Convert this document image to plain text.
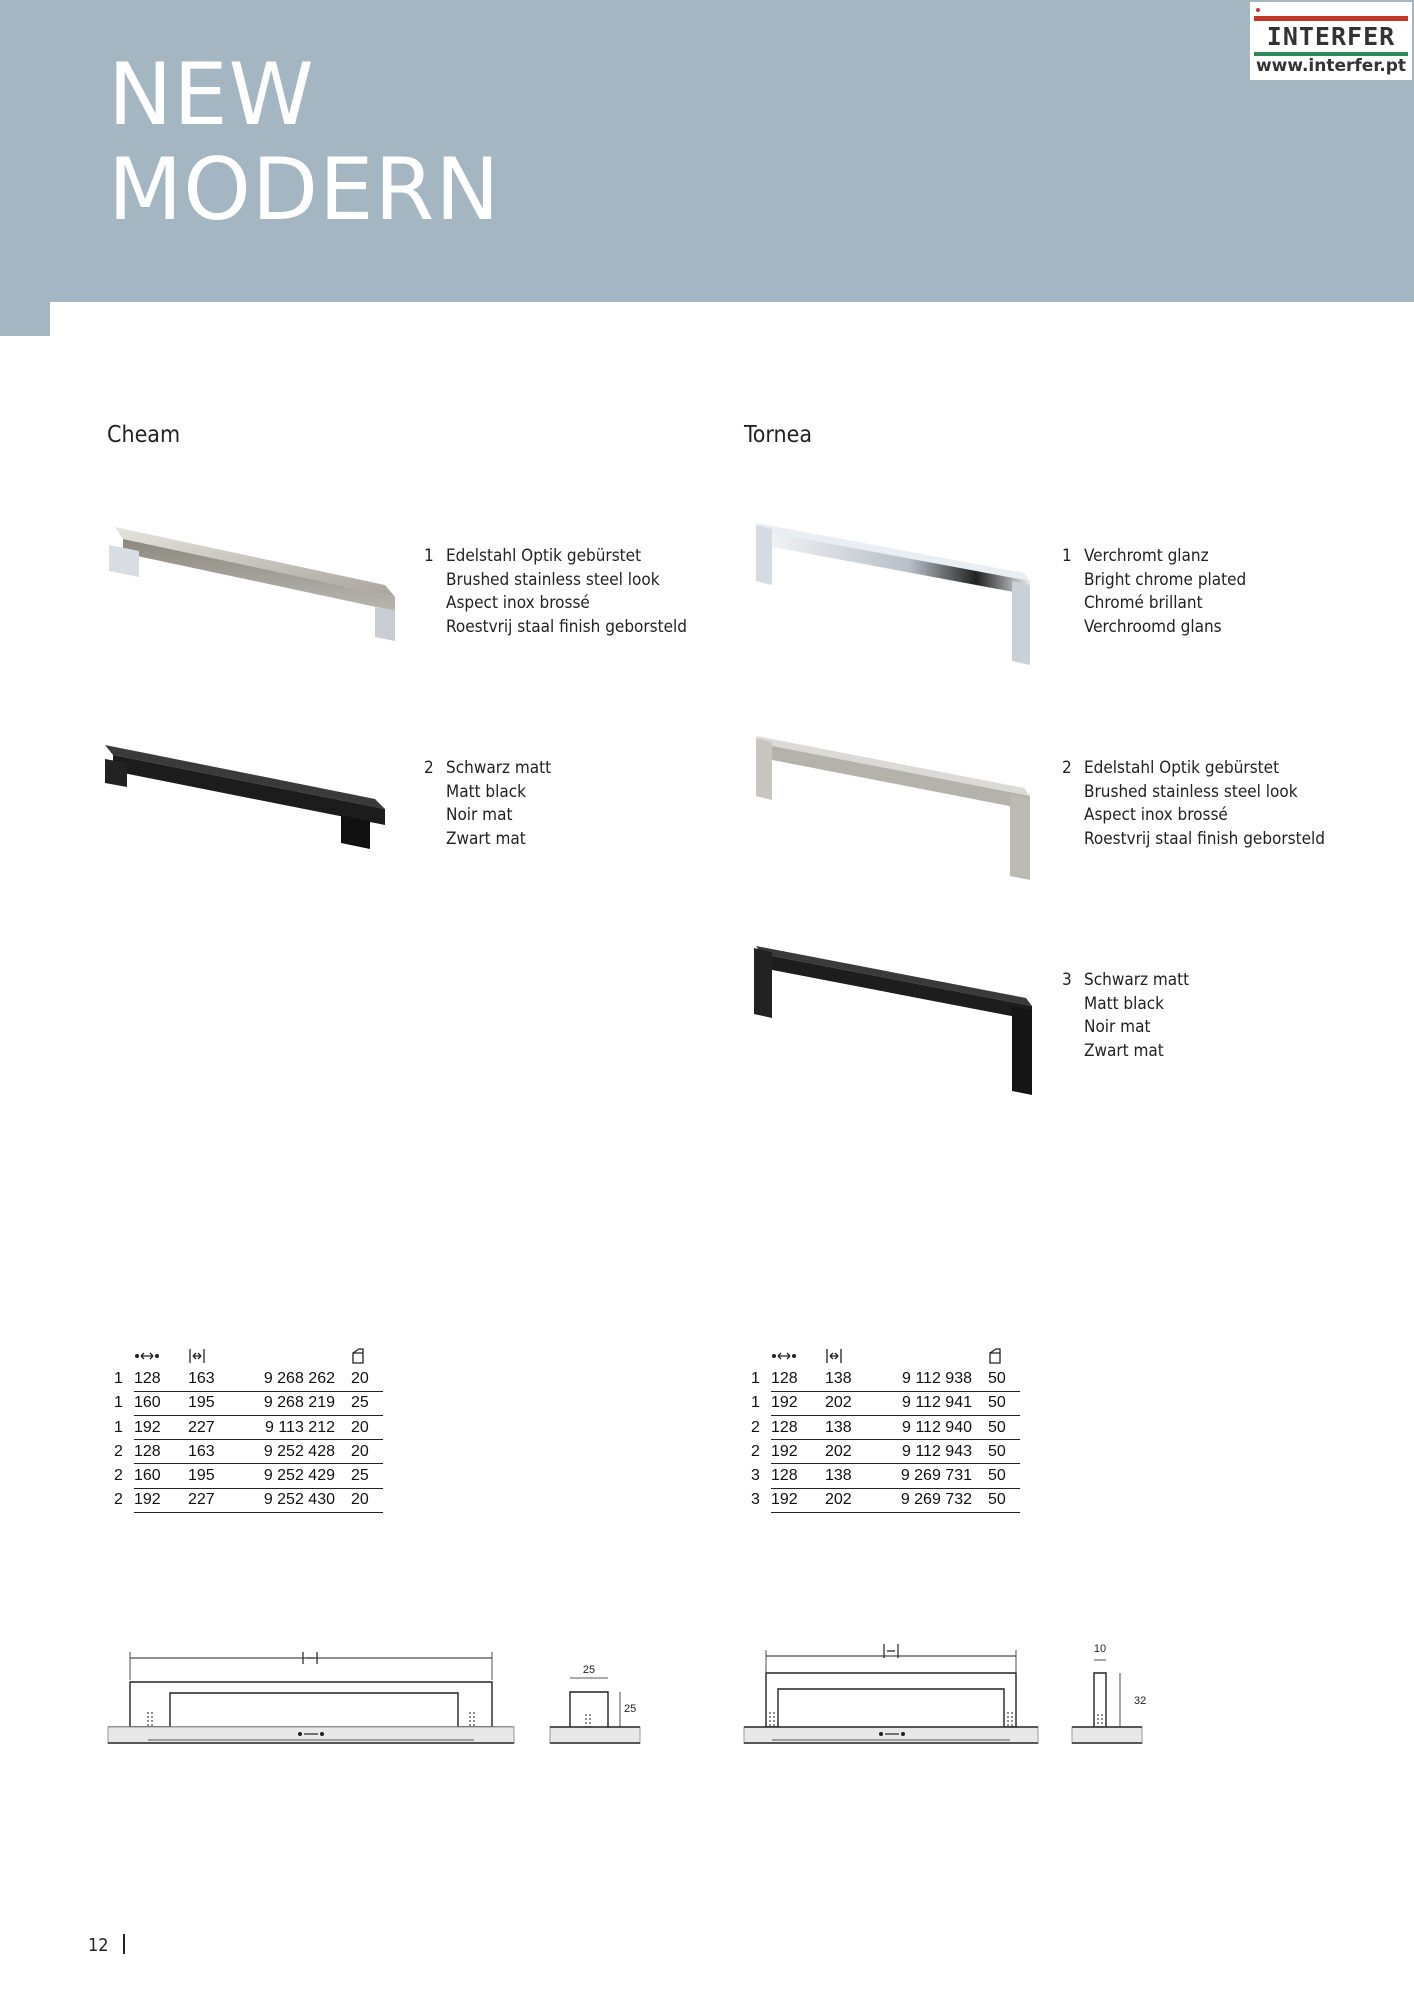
NEW
MODERN
INTERFER
www.interfer.pt
Cheam	Tornea
1 Edelstahl Optik gebürstet
Brushed stainless steel look
Aspect inox brossé
Roestvrij staal finish geborsteld
2 Schwarz matt
Matt black
Noir mat
Zwart mat
1 Verchromt glanz
Bright chrome plated
Chromé brillant
Verchroomd glans
2 Edelstahl Optik gebürstet
Brushed stainless steel look
Aspect inox brossé
Roestvrij staal finish geborsteld
3 Schwarz matt
Matt black
Noir mat
Zwart mat

1	128	163	9 268 262		20
1	160	195	9 268 219		25
1	192	227	9 113 212		20
2	128	163	9 252 428		20
2	160	195	9 252 429		25
2	192	227	9 252 430		20

1	128	138	9 112 938		50
1	192	202	9 112 941		50
2	128	138	9 112 940		50
2	192	202	9 112 943		50
3	128	138	9 269 731		50
3	192	202	9 269 732		50
25
25
10
32
12
